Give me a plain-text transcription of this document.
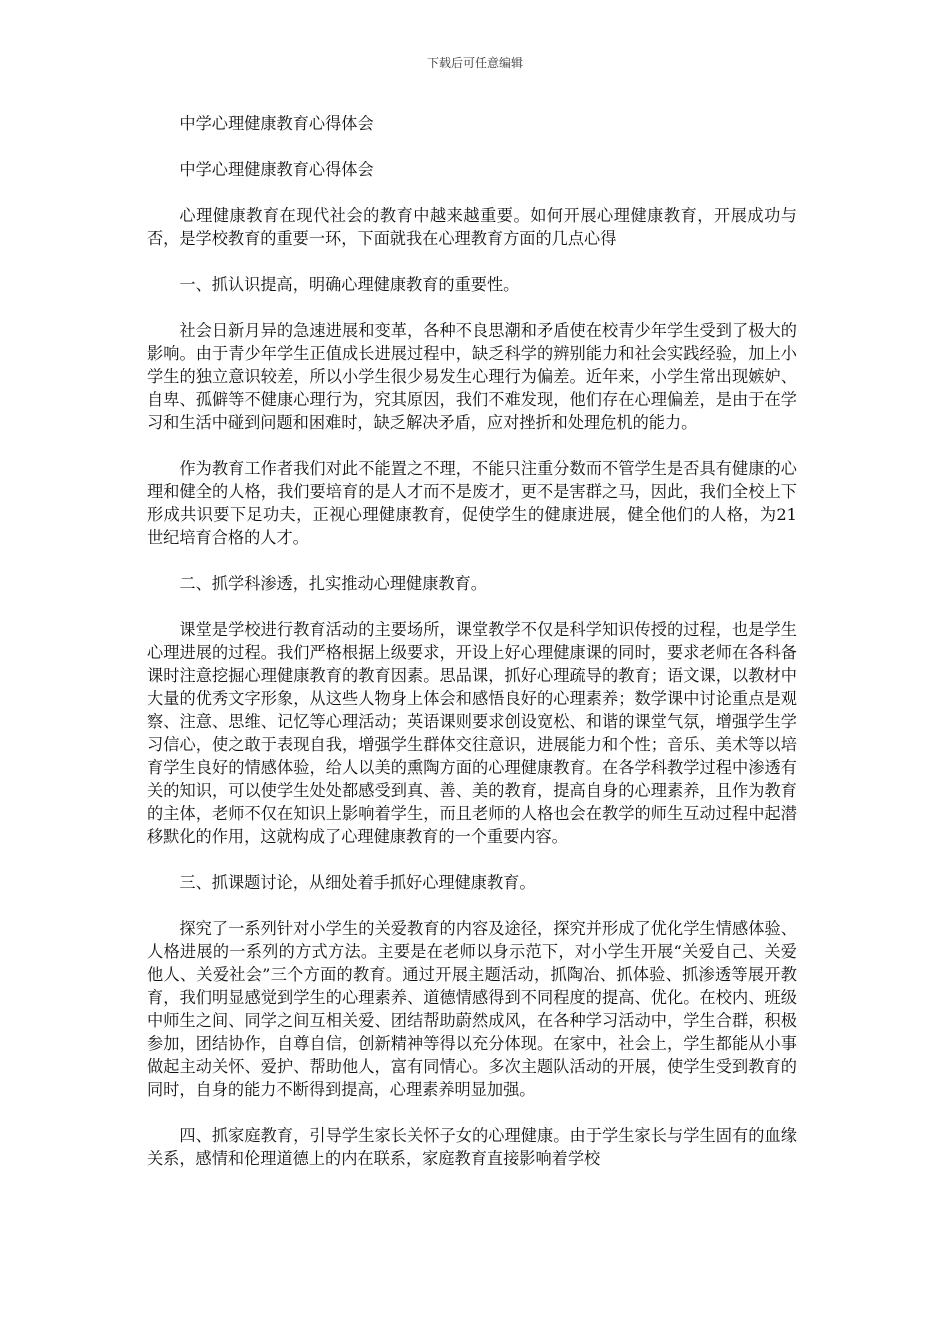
下载后可任意编辑

中学心理健康教育心得体会

中学心理健康教育心得体会

心理健康教育在现代社会的教育中越来越重要。如何开展心理健康教育，开展成功与否，是学校教育的重要一环，下面就我在心理教育方面的几点心得

一、抓认识提高，明确心理健康教育的重要性。

社会日新月异的急速进展和变革，各种不良思潮和矛盾使在校青少年学生受到了极大的影响。由于青少年学生正值成长进展过程中，缺乏科学的辨别能力和社会实践经验，加上小学生的独立意识较差，所以小学生很少易发生心理行为偏差。近年来，小学生常出现嫉妒、自卑、孤僻等不健康心理行为，究其原因，我们不难发现，他们存在心理偏差，是由于在学习和生活中碰到问题和困难时，缺乏解决矛盾，应对挫折和处理危机的能力。

作为教育工作者我们对此不能置之不理，不能只注重分数而不管学生是否具有健康的心理和健全的人格，我们要培育的是人才而不是废才，更不是害群之马，因此，我们全校上下形成共识要下足功夫，正视心理健康教育，促使学生的健康进展，健全他们的人格，为21世纪培育合格的人才。

二、抓学科渗透，扎实推动心理健康教育。

课堂是学校进行教育活动的主要场所，课堂教学不仅是科学知识传授的过程，也是学生心理进展的过程。我们严格根据上级要求，开设上好心理健康课的同时，要求老师在各科备课时注意挖掘心理健康教育的教育因素。思品课，抓好心理疏导的教育；语文课，以教材中大量的优秀文字形象，从这些人物身上体会和感悟良好的心理素养；数学课中讨论重点是观察、注意、思维、记忆等心理活动；英语课则要求创设宽松、和谐的课堂气氛，增强学生学习信心，使之敢于表现自我，增强学生群体交往意识，进展能力和个性；音乐、美术等以培育学生良好的情感体验，给人以美的熏陶方面的心理健康教育。在各学科教学过程中渗透有关的知识，可以使学生处处都感受到真、善、美的教育，提高自身的心理素养，且作为教育的主体，老师不仅在知识上影响着学生，而且老师的人格也会在教学的师生互动过程中起潜移默化的作用，这就构成了心理健康教育的一个重要内容。

三、抓课题讨论，从细处着手抓好心理健康教育。

探究了一系列针对小学生的关爱教育的内容及途径，探究并形成了优化学生情感体验、人格进展的一系列的方式方法。主要是在老师以身示范下，对小学生开展“关爱自己、关爱他人、关爱社会”三个方面的教育。通过开展主题活动，抓陶冶、抓体验、抓渗透等展开教育，我们明显感觉到学生的心理素养、道德情感得到不同程度的提高、优化。在校内、班级中师生之间、同学之间互相关爱、团结帮助蔚然成风，在各种学习活动中，学生合群，积极参加，团结协作，自尊自信，创新精神等得以充分体现。在家中，社会上，学生都能从小事做起主动关怀、爱护、帮助他人，富有同情心。多次主题队活动的开展，使学生受到教育的同时，自身的能力不断得到提高，心理素养明显加强。

四、抓家庭教育，引导学生家长关怀子女的心理健康。由于学生家长与学生固有的血缘关系，感情和伦理道德上的内在联系，家庭教育直接影响着学校
